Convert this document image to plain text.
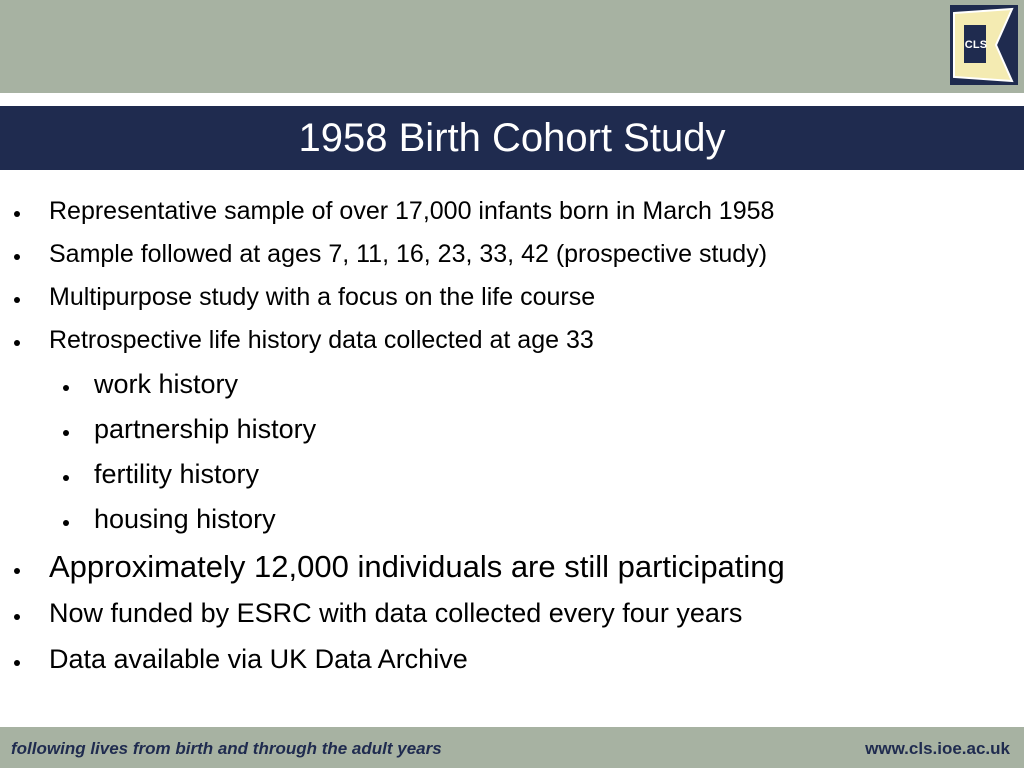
CLS
1958 Birth Cohort Study
Representative sample of over 17,000 infants born in March 1958
Sample followed at ages 7, 11, 16, 23, 33, 42 (prospective study)
Multipurpose study with a focus on the life course
Retrospective life history data collected at age 33
work history
partnership history
fertility history
housing history
Approximately 12,000 individuals are still participating
Now funded by ESRC with data collected every four years
Data available via UK Data Archive
following lives from birth and through the adult years	www.cls.ioe.ac.uk
